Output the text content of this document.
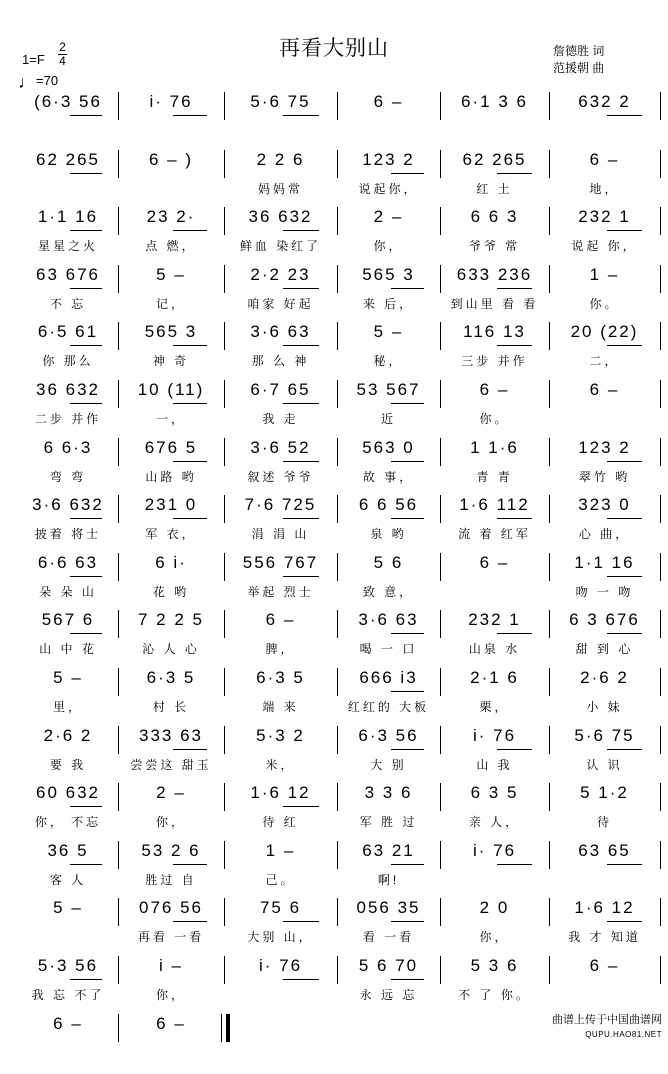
再看大别山	詹德胜 词
范援朝 曲
1=F
2
4
♩=70
(6·3 56	i· 76	5·6 75	6 –	6·1 3 6	632 2
62 265	6 – )	2 2 6
妈妈常
123 2
说起你，
62 265
红 土
6 –
地，
1·1 16
星星之火
23 2·
点 燃，
36 632
鲜血 染红了
2 –
你，
6 6 3
爷爷 常
232 1
说起 你，
63 676
不 忘
5 –
记，
2·2 23
咱家 好起
565 3
来 后，
633 236
到山里 看 看
1 –
你。
6·5 61
你 那么
565 3
神 奇
3·6 63
那 么 神
5 –
秘，
116 13
三步 并作
20 (22)
二，
36 632
二步 并作
10 (11)
一，
6·7 65
我 走
53 567
近
6 –
你。
6 –
6 6·3
弯 弯
676 5
山路 哟
3·6 52
叙述 爷爷
563 0
故 事，
1 1·6
青 青
123 2
翠竹 哟
3·6 632
披着 将士
231 0
军 衣，
7·6 725
涓 涓 山
6 6 56
泉 哟
1·6 112
流 着 红军
323 0
心 曲，
6·6 63
朵 朵 山
6 i·
花 哟
556 767
举起 烈士
5 6
致 意，
6 –	1·1 16
吻 一 吻
567 6
山 中 花
7 2 2 5
沁 人 心
6 –
脾，
3·6 63
喝 一 口
232 1
山泉 水
6 3 676
甜 到 心
5 –
里，
6·3 5
村 长
6·3 5
端 来
666 i3
红红的 大板
2·1 6
栗，
2·6 2
小 妹
2·6 2
要 我
333 63
尝尝这 甜玉
5·3 2
米，
6·3 56
大 别
i· 76
山 我
5·6 75
认 识
60 632
你， 不忘
2 –
你，
1·6 12
待 红
3 3 6
军 胜 过
6 3 5
亲 人，
5 1·2
待
36 5
客 人
53 2 6
胜过 自
1 –
己。
63 21
啊!
i· 76	63 65
5 –	076 56
再看 一看
75 6
大别 山，
056 35
看 一看
2 0
你，
1·6 12
我 才 知道
5·3 56
我 忘 不了
i –
你，
i· 76	5 6 70
永 远 忘
5 3 6
不 了 你。
6 –
6 –	6 –	曲谱上传于中国曲谱网
QUPU.HAO81.NET
